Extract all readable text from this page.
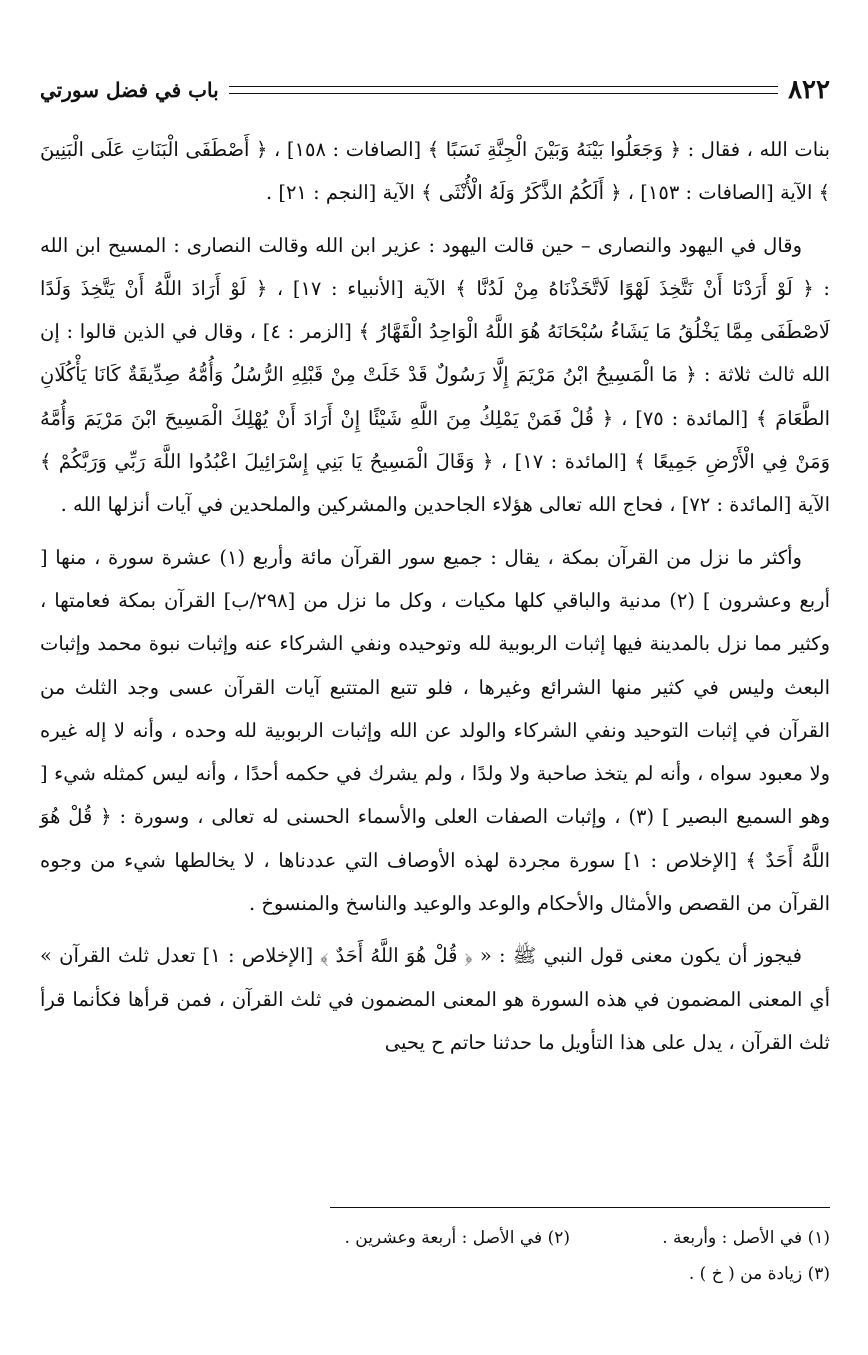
٨٢٢
باب في فضل سورتي

بنات الله ، فقال : ﴿ وَجَعَلُوا بَيْنَهُ وَبَيْنَ الْجِنَّةِ نَسَبًا ﴾ [الصافات : ١٥٨] ، ﴿ أَصْطَفَى الْبَنَاتِ عَلَى الْبَنِينَ ﴾ الآية [الصافات : ١٥٣] ، ﴿ أَلَكُمُ الذَّكَرُ وَلَهُ الْأُنْثَى ﴾ الآية [النجم : ٢١] .

وقال في اليهود والنصارى – حين قالت اليهود : عزير ابن الله وقالت النصارى : المسيح ابن الله : ﴿ لَوْ أَرَدْنَا أَنْ نَتَّخِذَ لَهْوًا لَاتَّخَذْنَاهُ مِنْ لَدُنَّا ﴾ الآية [الأنبياء : ١٧] ، ﴿ لَوْ أَرَادَ اللَّهُ أَنْ يَتَّخِذَ وَلَدًا لَاصْطَفَى مِمَّا يَخْلُقُ مَا يَشَاءُ سُبْحَانَهُ هُوَ اللَّهُ الْوَاحِدُ الْقَهَّارُ ﴾ [الزمر : ٤] ، وقال في الذين قالوا : إن الله ثالث ثلاثة : ﴿ مَا الْمَسِيحُ ابْنُ مَرْيَمَ إِلَّا رَسُولٌ قَدْ خَلَتْ مِنْ قَبْلِهِ الرُّسُلُ وَأُمُّهُ صِدِّيقَةٌ كَانَا يَأْكُلَانِ الطَّعَامَ ﴾ [المائدة : ٧٥] ، ﴿ قُلْ فَمَنْ يَمْلِكُ مِنَ اللَّهِ شَيْئًا إِنْ أَرَادَ أَنْ يُهْلِكَ الْمَسِيحَ ابْنَ مَرْيَمَ وَأُمَّهُ وَمَنْ فِي الْأَرْضِ جَمِيعًا ﴾ [المائدة : ١٧] ، ﴿ وَقَالَ الْمَسِيحُ يَا بَنِي إِسْرَائِيلَ اعْبُدُوا اللَّهَ رَبِّي وَرَبَّكُمْ ﴾ الآية [المائدة : ٧٢] ، فحاج الله تعالى هؤلاء الجاحدين والمشركين والملحدين في آيات أنزلها الله .

وأكثر ما نزل من القرآن بمكة ، يقال : جميع سور القرآن مائة وأربع (١) عشرة سورة ، منها [ أربع وعشرون ] (٢) مدنية والباقي كلها مكيات ، وكل ما نزل من [٢٩٨/ب] القرآن بمكة فعامتها ، وكثير مما نزل بالمدينة فيها إثبات الربوبية لله وتوحيده ونفي الشركاء عنه وإثبات نبوة محمد وإثبات البعث وليس في كثير منها الشرائع وغيرها ، فلو تتبع المتتبع آيات القرآن عسى وجد الثلث من القرآن في إثبات التوحيد ونفي الشركاء والولد عن الله وإثبات الربوبية لله وحده ، وأنه لا إله غيره ولا معبود سواه ، وأنه لم يتخذ صاحبة ولا ولدًا ، ولم يشرك في حكمه أحدًا ، وأنه ليس كمثله شيء [ وهو السميع البصير ] (٣) ، وإثبات الصفات العلى والأسماء الحسنى له تعالى ، وسورة : ﴿ قُلْ هُوَ اللَّهُ أَحَدٌ ﴾ [الإخلاص : ١] سورة مجردة لهذه الأوصاف التي عددناها ، لا يخالطها شيء من وجوه القرآن من القصص والأمثال والأحكام والوعد والوعيد والناسخ والمنسوخ .

فيجوز أن يكون معنى قول النبي ﷺ : « ﴿ قُلْ هُوَ اللَّهُ أَحَدٌ ﴾ [الإخلاص : ١] تعدل ثلث القرآن » أي المعنى المضمون في هذه السورة هو المعنى المضمون في ثلث القرآن ، فمن قرأها فكأنما قرأ ثلث القرآن ، يدل على هذا التأويل ما حدثنا حاتم ح يحيى

(١) في الأصل : وأربعة .
(٢) في الأصل : أربعة وعشرين .
(٣) زيادة من ( خ ) .
